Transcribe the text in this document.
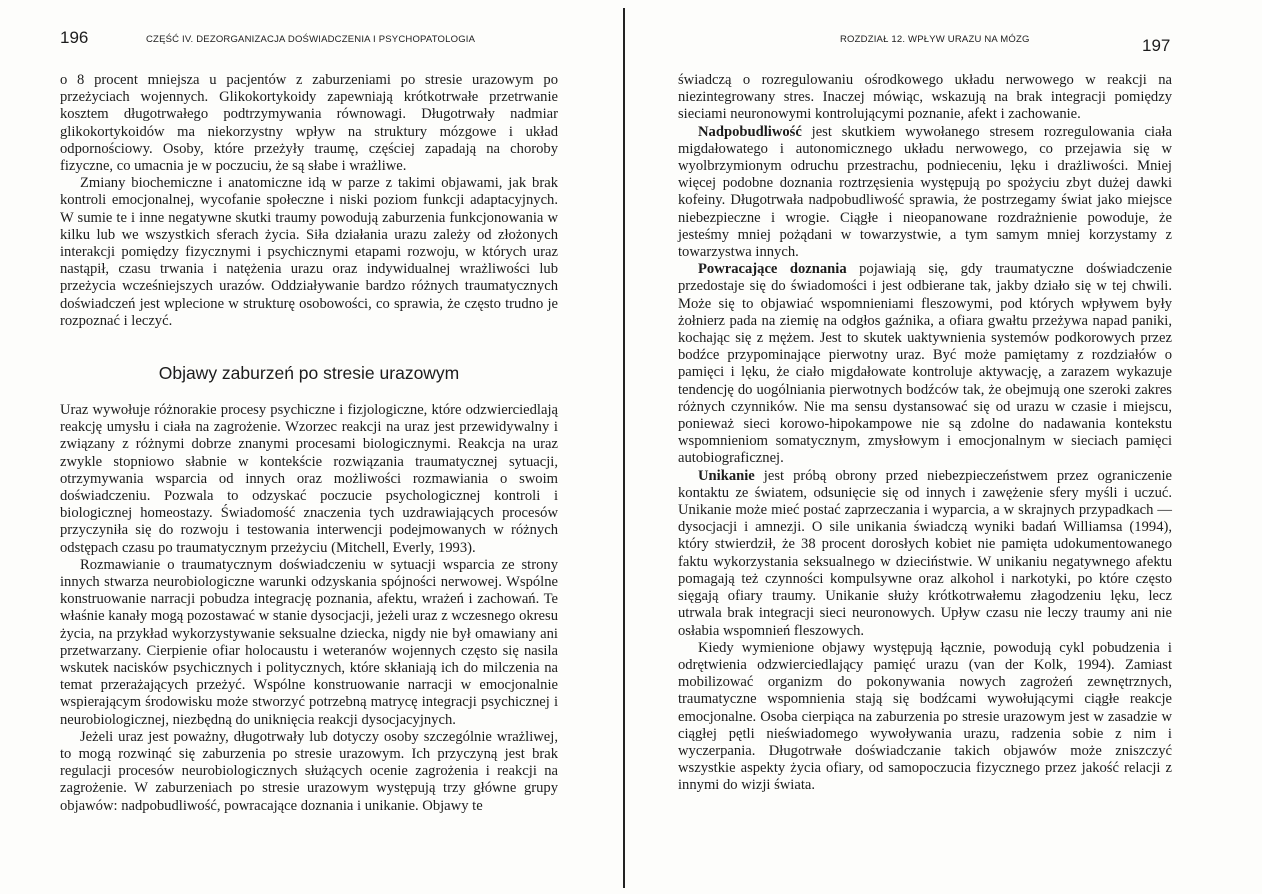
196	CZĘŚĆ IV. DEZORGANIZACJA DOŚWIADCZENIA I PSYCHOPATOLOGIA

o 8 procent mniejsza u pacjentów z zaburzeniami po stresie urazowym po przeżyciach wojennych. Glikokortykoidy zapewniają krótkotrwałe przetrwanie kosztem długotrwałego podtrzymywania równowagi. Długotrwały nadmiar glikokortykoidów ma niekorzystny wpływ na struktury mózgowe i układ odpornościowy. Osoby, które przeżyły traumę, częściej zapadają na choroby fizyczne, co umacnia je w poczuciu, że są słabe i wrażliwe.

Zmiany biochemiczne i anatomiczne idą w parze z takimi objawami, jak brak kontroli emocjonalnej, wycofanie społeczne i niski poziom funkcji adaptacyjnych. W sumie te i inne negatywne skutki traumy powodują zaburzenia funkcjonowania w kilku lub we wszystkich sferach życia. Siła działania urazu zależy od złożonych interakcji pomiędzy fizycznymi i psychicznymi etapami rozwoju, w których uraz nastąpił, czasu trwania i natężenia urazu oraz indywidualnej wrażliwości lub przeżycia wcześniejszych urazów. Oddziaływanie bardzo różnych traumatycznych doświadczeń jest wplecione w strukturę osobowości, co sprawia, że często trudno je rozpoznać i leczyć.

Objawy zaburzeń po stresie urazowym

Uraz wywołuje różnorakie procesy psychiczne i fizjologiczne, które odzwierciedlają reakcję umysłu i ciała na zagrożenie. Wzorzec reakcji na uraz jest przewidywalny i związany z różnymi dobrze znanymi procesami biologicznymi. Reakcja na uraz zwykle stopniowo słabnie w kontekście rozwiązania traumatycznej sytuacji, otrzymywania wsparcia od innych oraz możliwości rozmawiania o swoim doświadczeniu. Pozwala to odzyskać poczucie psychologicznej kontroli i biologicznej homeostazy. Świadomość znaczenia tych uzdrawiających procesów przyczyniła się do rozwoju i testowania interwencji podejmowanych w różnych odstępach czasu po traumatycznym przeżyciu (Mitchell, Everly, 1993).

Rozmawianie o traumatycznym doświadczeniu w sytuacji wsparcia ze strony innych stwarza neurobiologiczne warunki odzyskania spójności nerwowej. Wspólne konstruowanie narracji pobudza integrację poznania, afektu, wrażeń i zachowań. Te właśnie kanały mogą pozostawać w stanie dysocjacji, jeżeli uraz z wczesnego okresu życia, na przykład wykorzystywanie seksualne dziecka, nigdy nie był omawiany ani przetwarzany. Cierpienie ofiar holocaustu i weteranów wojennych często się nasila wskutek nacisków psychicznych i politycznych, które skłaniają ich do milczenia na temat przerażających przeżyć. Wspólne konstruowanie narracji w emocjonalnie wspierającym środowisku może stworzyć potrzebną matrycę integracji psychicznej i neurobiologicznej, niezbędną do uniknięcia reakcji dysocjacyjnych.

Jeżeli uraz jest poważny, długotrwały lub dotyczy osoby szczególnie wrażliwej, to mogą rozwinąć się zaburzenia po stresie urazowym. Ich przyczyną jest brak regulacji procesów neurobiologicznych służących ocenie zagrożenia i reakcji na zagrożenie. W zaburzeniach po stresie urazowym występują trzy główne grupy objawów: nadpobudliwość, powracające doznania i unikanie. Objawy te

ROZDZIAŁ 12. WPŁYW URAZU NA MÓZG	197

świadczą o rozregulowaniu ośrodkowego układu nerwowego w reakcji na niezintegrowany stres. Inaczej mówiąc, wskazują na brak integracji pomiędzy sieciami neuronowymi kontrolującymi poznanie, afekt i zachowanie.

Nadpobudliwość jest skutkiem wywołanego stresem rozregulowania ciała migdałowatego i autonomicznego układu nerwowego, co przejawia się w wyolbrzymionym odruchu przestrachu, podnieceniu, lęku i drażliwości. Mniej więcej podobne doznania roztrzęsienia występują po spożyciu zbyt dużej dawki kofeiny. Długotrwała nadpobudliwość sprawia, że postrzegamy świat jako miejsce niebezpieczne i wrogie. Ciągłe i nieopanowane rozdrażnienie powoduje, że jesteśmy mniej pożądani w towarzystwie, a tym samym mniej korzystamy z towarzystwa innych.

Powracające doznania pojawiają się, gdy traumatyczne doświadczenie przedostaje się do świadomości i jest odbierane tak, jakby działo się w tej chwili. Może się to objawiać wspomnieniami fleszowymi, pod których wpływem były żołnierz pada na ziemię na odgłos gaźnika, a ofiara gwałtu przeżywa napad paniki, kochając się z mężem. Jest to skutek uaktywnienia systemów podkorowych przez bodźce przypominające pierwotny uraz. Być może pamiętamy z rozdziałów o pamięci i lęku, że ciało migdałowate kontroluje aktywację, a zarazem wykazuje tendencję do uogólniania pierwotnych bodźców tak, że obejmują one szeroki zakres różnych czynników. Nie ma sensu dystansować się od urazu w czasie i miejscu, ponieważ sieci korowo-hipokampowe nie są zdolne do nadawania kontekstu wspomnieniom somatycznym, zmysłowym i emocjonalnym w sieciach pamięci autobiograficznej.

Unikanie jest próbą obrony przed niebezpieczeństwem przez ograniczenie kontaktu ze światem, odsunięcie się od innych i zawężenie sfery myśli i uczuć. Unikanie może mieć postać zaprzeczania i wyparcia, a w skrajnych przypadkach — dysocjacji i amnezji. O sile unikania świadczą wyniki badań Williamsa (1994), który stwierdził, że 38 procent dorosłych kobiet nie pamięta udokumentowanego faktu wykorzystania seksualnego w dzieciństwie. W unikaniu negatywnego afektu pomagają też czynności kompulsywne oraz alkohol i narkotyki, po które często sięgają ofiary traumy. Unikanie służy krótkotrwałemu złagodzeniu lęku, lecz utrwala brak integracji sieci neuronowych. Upływ czasu nie leczy traumy ani nie osłabia wspomnień fleszowych.

Kiedy wymienione objawy występują łącznie, powodują cykl pobudzenia i odrętwienia odzwierciedlający pamięć urazu (van der Kolk, 1994). Zamiast mobilizować organizm do pokonywania nowych zagrożeń zewnętrznych, traumatyczne wspomnienia stają się bodźcami wywołującymi ciągłe reakcje emocjonalne. Osoba cierpiąca na zaburzenia po stresie urazowym jest w zasadzie w ciągłej pętli nieświadomego wywoływania urazu, radzenia sobie z nim i wyczerpania. Długotrwałe doświadczanie takich objawów może zniszczyć wszystkie aspekty życia ofiary, od samopoczucia fizycznego przez jakość relacji z innymi do wizji świata.
